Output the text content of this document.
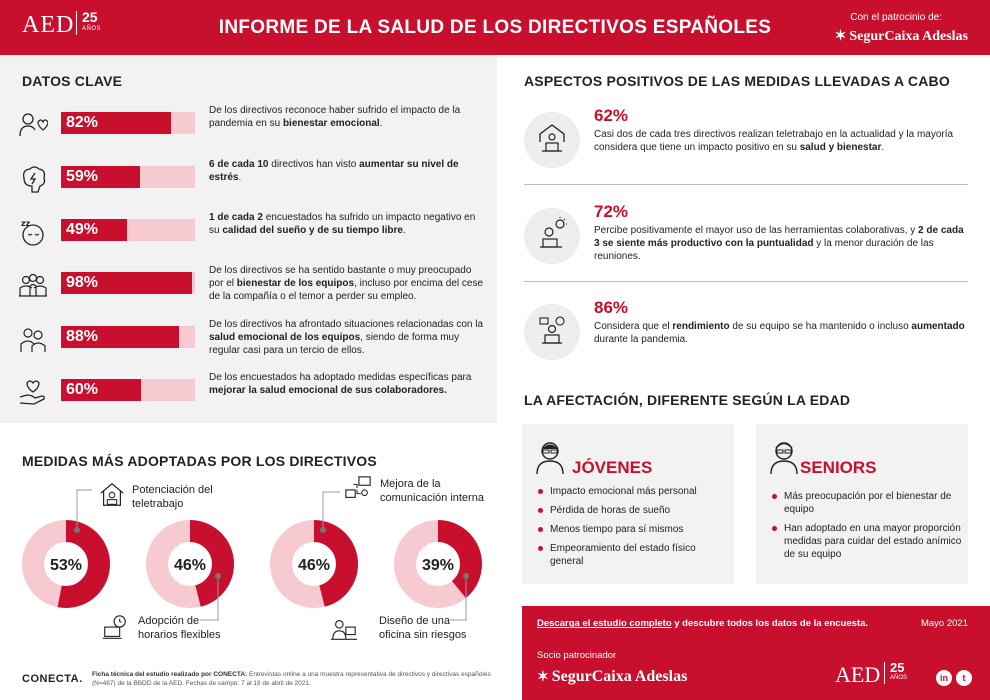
AED 25
AÑOS	INFORME DE LA SALUD DE LOS DIRECTIVOS ESPAÑOLES	Con el patrocinio de:
✶ SegurCaixa Adeslas
DATOS CLAVE
82%
De los directivos reconoce haber sufrido el impacto de la pandemia en su bienestar emocional.
59%
6 de cada 10 directivos han visto aumentar su nivel de estrés.
zz 49%
1 de cada 2 encuestados ha sufrido un impacto negativo en su calidad del sueño y de su tiempo libre.
98%
De los directivos se ha sentido bastante o muy preocupado por el bienestar de los equipos, incluso por encima del cese de la compañía o el temor a perder su empleo.
88%
De los directivos ha afrontado situaciones relacionadas con la salud emocional de los equipos, siendo de forma muy regular casi para un tercio de ellos.
60%
De los encuestados ha adoptado medidas específicas para mejorar la salud emocional de sus colaboradores.
MEDIDAS MÁS ADOPTADAS POR LOS DIRECTIVOS
53%	46%	46%	39%
ASPECTOS POSITIVOS DE LAS MEDIDAS LLEVADAS A CABO
62%
Casi dos de cada tres directivos realizan teletrabajo en la actualidad y la mayoría considera que tiene un impacto positivo en su salud y bienestar.
72%
Percibe positivamente el mayor uso de las herramientas colaborativas, y 2 de cada 3 se siente más productivo con la puntualidad y la menor duración de las reuniones.
86%
Considera que el rendimiento de su equipo se ha mantenido o incluso aumentado durante la pandemia.
LA AFECTACIÓN, DIFERENTE SEGÚN LA EDAD
JÓVENES
Impacto emocional más personal
Pérdida de horas de sueño
Menos tiempo para sí mismos
Empeoramiento del estado físico general
SENIORS
Más preocupación por el bienestar de equipo
Han adoptado en una mayor proporción medidas para cuidar del estado anímico de su equipo
Descarga el estudio completo y descubre todos los datos de la encuesta.	Mayo 2021
Socio patrocinador
✶ SegurCaixa Adeslas	AED 25
AÑOS	in	t
CONECTA. Ficha técnica del estudio realizado por CONECTA: Entrevistas online a una muestra representativa de directivos y directivas españoles (N=487) de la BBDD de la AED. Fechas de campo: 7 al 19 de abril de 2021.
Potenciación del teletrabajo
Adopción de horarios flexibles
Mejora de la comunicación interna
Diseño de una oficina sin riesgos
